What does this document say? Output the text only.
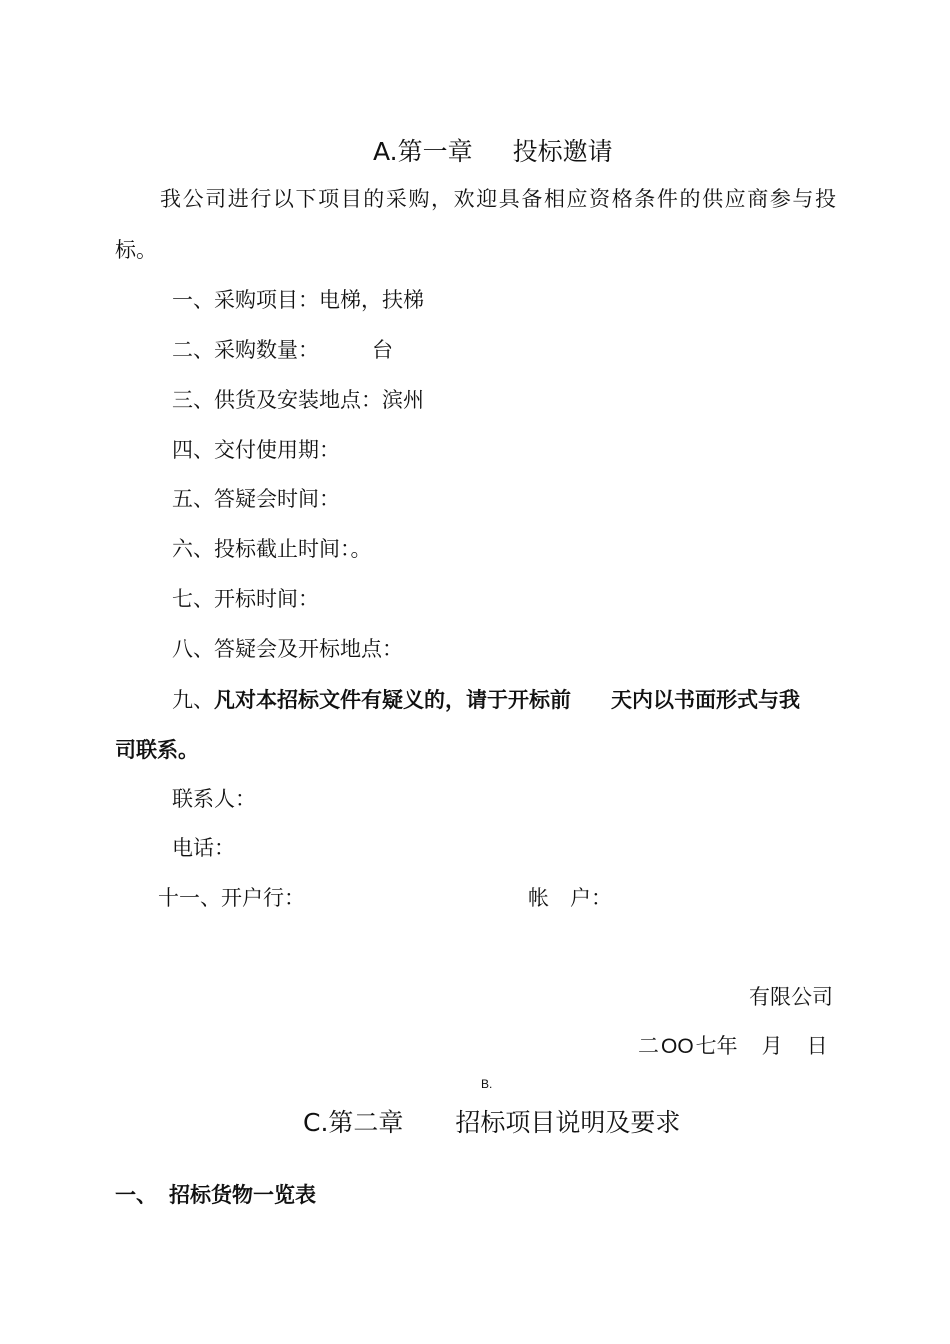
A.第一章 投标邀请
我公司进行以下项目的采购，欢迎具备相应资格条件的供应商参与投
标。
一、采购项目：电梯，扶梯
二、采购数量：	台
三、供货及安装地点：滨州
四、交付使用期：
五、答疑会时间：
六、投标截止时间：。
七、开标时间：
八、答疑会及开标地点：
九、凡对本招标文件有疑义的，请于开标前 天内以书面形式与我
司联系。
联系人：
电话：
十一、开户行：	帐　户：
有限公司
二OO七年 月 日
B.
C.第二章 招标项目说明及要求
一、 招标货物一览表
